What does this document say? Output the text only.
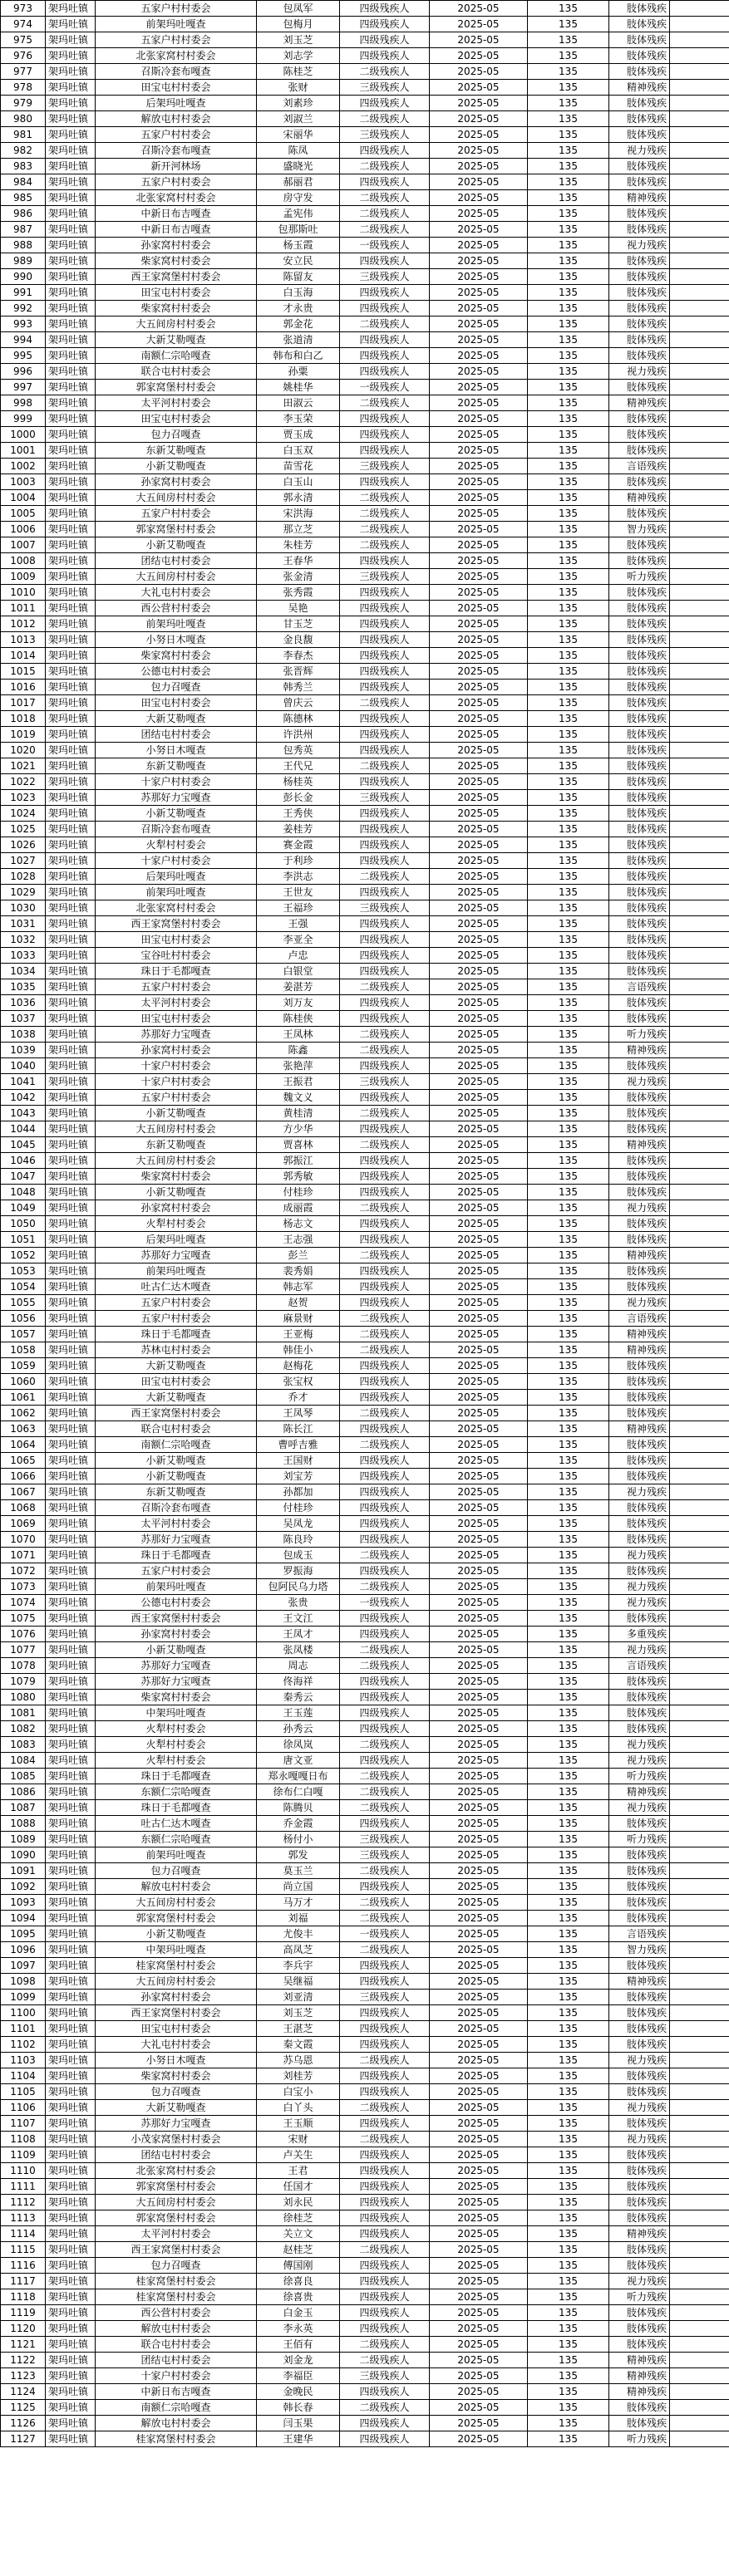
973	架玛吐镇	五家户村村委会	包凤军	四级残疾人	2025-05	135	肢体残疾	
974	架玛吐镇	前架玛吐嘎查	包梅月	四级残疾人	2025-05	135	肢体残疾	
975	架玛吐镇	五家户村村委会	刘玉芝	四级残疾人	2025-05	135	肢体残疾	
976	架玛吐镇	北张家窝村村委会	刘志学	四级残疾人	2025-05	135	肢体残疾	
977	架玛吐镇	召斯冷套布嘎查	陈桂芝	二级残疾人	2025-05	135	肢体残疾	
978	架玛吐镇	田宝屯村村委会	张财	三级残疾人	2025-05	135	精神残疾	
979	架玛吐镇	后架玛吐嘎查	刘素珍	四级残疾人	2025-05	135	肢体残疾	
980	架玛吐镇	解放屯村村委会	刘淑兰	二级残疾人	2025-05	135	肢体残疾	
981	架玛吐镇	五家户村村委会	宋丽华	三级残疾人	2025-05	135	肢体残疾	
982	架玛吐镇	召斯冷套布嘎查	陈凤	四级残疾人	2025-05	135	视力残疾	
983	架玛吐镇	新开河林场	盛晓光	二级残疾人	2025-05	135	肢体残疾	
984	架玛吐镇	五家户村村委会	郝丽君	四级残疾人	2025-05	135	肢体残疾	
985	架玛吐镇	北张家窝村村委会	房守发	二级残疾人	2025-05	135	精神残疾	
986	架玛吐镇	中新日布吉嘎查	孟宪伟	二级残疾人	2025-05	135	肢体残疾	
987	架玛吐镇	中新日布吉嘎查	包那斯吐	二级残疾人	2025-05	135	肢体残疾	
988	架玛吐镇	孙家窝村村委会	杨玉霞	一级残疾人	2025-05	135	视力残疾	
989	架玛吐镇	柴家窝村村委会	安立民	四级残疾人	2025-05	135	肢体残疾	
990	架玛吐镇	西王家窝堡村村委会	陈留友	三级残疾人	2025-05	135	肢体残疾	
991	架玛吐镇	田宝屯村村委会	白玉海	四级残疾人	2025-05	135	肢体残疾	
992	架玛吐镇	柴家窝村村委会	才永贵	四级残疾人	2025-05	135	肢体残疾	
993	架玛吐镇	大五间房村村委会	郭金花	二级残疾人	2025-05	135	肢体残疾	
994	架玛吐镇	大新艾勒嘎查	张道清	四级残疾人	2025-05	135	肢体残疾	
995	架玛吐镇	南额仁宗哈嘎查	韩布和白乙	四级残疾人	2025-05	135	肢体残疾	
996	架玛吐镇	联合屯村村委会	孙粟	四级残疾人	2025-05	135	视力残疾	
997	架玛吐镇	郭家窝堡村村委会	姚桂华	一级残疾人	2025-05	135	肢体残疾	
998	架玛吐镇	太平河村村委会	田淑云	二级残疾人	2025-05	135	精神残疾	
999	架玛吐镇	田宝屯村村委会	李玉荣	四级残疾人	2025-05	135	肢体残疾	
1000	架玛吐镇	包力召嘎查	贾玉成	四级残疾人	2025-05	135	肢体残疾	
1001	架玛吐镇	东新艾勒嘎查	白玉双	四级残疾人	2025-05	135	肢体残疾	
1002	架玛吐镇	小新艾勒嘎查	苗雪花	三级残疾人	2025-05	135	言语残疾	
1003	架玛吐镇	孙家窝村村委会	白玉山	四级残疾人	2025-05	135	肢体残疾	
1004	架玛吐镇	大五间房村村委会	郭永清	二级残疾人	2025-05	135	精神残疾	
1005	架玛吐镇	五家户村村委会	宋洪海	二级残疾人	2025-05	135	肢体残疾	
1006	架玛吐镇	郭家窝堡村村委会	那立芝	二级残疾人	2025-05	135	智力残疾	
1007	架玛吐镇	小新艾勒嘎查	朱桂芳	二级残疾人	2025-05	135	肢体残疾	
1008	架玛吐镇	团结屯村村委会	王春华	四级残疾人	2025-05	135	肢体残疾	
1009	架玛吐镇	大五间房村村委会	张金清	三级残疾人	2025-05	135	听力残疾	
1010	架玛吐镇	大礼屯村村委会	张秀霞	四级残疾人	2025-05	135	肢体残疾	
1011	架玛吐镇	西公营村村委会	吴艳	四级残疾人	2025-05	135	肢体残疾	
1012	架玛吐镇	前架玛吐嘎查	甘玉芝	四级残疾人	2025-05	135	肢体残疾	
1013	架玛吐镇	小努日木嘎查	金良馥	四级残疾人	2025-05	135	肢体残疾	
1014	架玛吐镇	柴家窝村村委会	李春杰	四级残疾人	2025-05	135	肢体残疾	
1015	架玛吐镇	公德屯村村委会	张晋辉	四级残疾人	2025-05	135	肢体残疾	
1016	架玛吐镇	包力召嘎查	韩秀兰	四级残疾人	2025-05	135	肢体残疾	
1017	架玛吐镇	田宝屯村村委会	曾庆云	二级残疾人	2025-05	135	肢体残疾	
1018	架玛吐镇	大新艾勒嘎查	陈德林	四级残疾人	2025-05	135	肢体残疾	
1019	架玛吐镇	团结屯村村委会	许洪州	四级残疾人	2025-05	135	肢体残疾	
1020	架玛吐镇	小努日木嘎查	包秀英	四级残疾人	2025-05	135	肢体残疾	
1021	架玛吐镇	东新艾勒嘎查	王代兄	二级残疾人	2025-05	135	肢体残疾	
1022	架玛吐镇	十家户村村委会	杨桂英	四级残疾人	2025-05	135	肢体残疾	
1023	架玛吐镇	苏那好力宝嘎查	彭长金	三级残疾人	2025-05	135	肢体残疾	
1024	架玛吐镇	小新艾勒嘎查	王秀侠	四级残疾人	2025-05	135	肢体残疾	
1025	架玛吐镇	召斯冷套布嘎查	姜桂芳	四级残疾人	2025-05	135	肢体残疾	
1026	架玛吐镇	火犁村村委会	赛金霞	四级残疾人	2025-05	135	肢体残疾	
1027	架玛吐镇	十家户村村委会	于利珍	四级残疾人	2025-05	135	肢体残疾	
1028	架玛吐镇	后架玛吐嘎查	李洪志	二级残疾人	2025-05	135	肢体残疾	
1029	架玛吐镇	前架玛吐嘎查	王世友	四级残疾人	2025-05	135	肢体残疾	
1030	架玛吐镇	北张家窝村村委会	王福珍	三级残疾人	2025-05	135	肢体残疾	
1031	架玛吐镇	西王家窝堡村村委会	王强	四级残疾人	2025-05	135	肢体残疾	
1032	架玛吐镇	田宝屯村村委会	李亚全	四级残疾人	2025-05	135	肢体残疾	
1033	架玛吐镇	宝谷吐村村委会	卢忠	四级残疾人	2025-05	135	肢体残疾	
1034	架玛吐镇	珠日于毛都嘎查	白银堂	四级残疾人	2025-05	135	肢体残疾	
1035	架玛吐镇	五家户村村委会	姜湛芳	二级残疾人	2025-05	135	言语残疾	
1036	架玛吐镇	太平河村村委会	刘万友	四级残疾人	2025-05	135	肢体残疾	
1037	架玛吐镇	田宝屯村村委会	陈桂侠	四级残疾人	2025-05	135	肢体残疾	
1038	架玛吐镇	苏那好力宝嘎查	王凤林	二级残疾人	2025-05	135	听力残疾	
1039	架玛吐镇	孙家窝村村委会	陈鑫	二级残疾人	2025-05	135	精神残疾	
1040	架玛吐镇	十家户村村委会	张艳萍	四级残疾人	2025-05	135	肢体残疾	
1041	架玛吐镇	十家户村村委会	王振君	三级残疾人	2025-05	135	视力残疾	
1042	架玛吐镇	五家户村村委会	魏文义	四级残疾人	2025-05	135	肢体残疾	
1043	架玛吐镇	小新艾勒嘎查	黄桂清	二级残疾人	2025-05	135	肢体残疾	
1044	架玛吐镇	大五间房村村委会	方少华	四级残疾人	2025-05	135	肢体残疾	
1045	架玛吐镇	东新艾勒嘎查	贾喜林	二级残疾人	2025-05	135	精神残疾	
1046	架玛吐镇	大五间房村村委会	郭振江	四级残疾人	2025-05	135	肢体残疾	
1047	架玛吐镇	柴家窝村村委会	郭秀敏	四级残疾人	2025-05	135	肢体残疾	
1048	架玛吐镇	小新艾勒嘎查	付桂珍	四级残疾人	2025-05	135	肢体残疾	
1049	架玛吐镇	孙家窝村村委会	成丽霞	二级残疾人	2025-05	135	视力残疾	
1050	架玛吐镇	火犁村村委会	杨志文	四级残疾人	2025-05	135	肢体残疾	
1051	架玛吐镇	后架玛吐嘎查	王志强	四级残疾人	2025-05	135	肢体残疾	
1052	架玛吐镇	苏那好力宝嘎查	彭兰	二级残疾人	2025-05	135	精神残疾	
1053	架玛吐镇	前架玛吐嘎查	裴秀娟	四级残疾人	2025-05	135	肢体残疾	
1054	架玛吐镇	吐古仁达木嘎查	韩志军	四级残疾人	2025-05	135	肢体残疾	
1055	架玛吐镇	五家户村村委会	赵贺	四级残疾人	2025-05	135	视力残疾	
1056	架玛吐镇	五家户村村委会	麻景财	二级残疾人	2025-05	135	言语残疾	
1057	架玛吐镇	珠日于毛都嘎查	王亚梅	二级残疾人	2025-05	135	精神残疾	
1058	架玛吐镇	苏林屯村村委会	韩佳小	二级残疾人	2025-05	135	精神残疾	
1059	架玛吐镇	大新艾勒嘎查	赵梅花	四级残疾人	2025-05	135	肢体残疾	
1060	架玛吐镇	田宝屯村村委会	张宝权	四级残疾人	2025-05	135	肢体残疾	
1061	架玛吐镇	大新艾勒嘎查	乔才	四级残疾人	2025-05	135	肢体残疾	
1062	架玛吐镇	西王家窝堡村村委会	王凤琴	二级残疾人	2025-05	135	肢体残疾	
1063	架玛吐镇	联合屯村村委会	陈长江	四级残疾人	2025-05	135	精神残疾	
1064	架玛吐镇	南额仁宗哈嘎查	曹呼吉雅	二级残疾人	2025-05	135	肢体残疾	
1065	架玛吐镇	小新艾勒嘎查	王国财	四级残疾人	2025-05	135	肢体残疾	
1066	架玛吐镇	小新艾勒嘎查	刘宝芳	四级残疾人	2025-05	135	肢体残疾	
1067	架玛吐镇	东新艾勒嘎查	孙都加	四级残疾人	2025-05	135	视力残疾	
1068	架玛吐镇	召斯冷套布嘎查	付桂珍	四级残疾人	2025-05	135	肢体残疾	
1069	架玛吐镇	太平河村村委会	吴凤龙	四级残疾人	2025-05	135	肢体残疾	
1070	架玛吐镇	苏那好力宝嘎查	陈良玲	四级残疾人	2025-05	135	肢体残疾	
1071	架玛吐镇	珠日于毛都嘎查	包成玉	二级残疾人	2025-05	135	视力残疾	
1072	架玛吐镇	五家户村村委会	罗振海	四级残疾人	2025-05	135	肢体残疾	
1073	架玛吐镇	前架玛吐嘎查	包阿民乌力塔	二级残疾人	2025-05	135	视力残疾	
1074	架玛吐镇	公德屯村村委会	张贵	一级残疾人	2025-05	135	视力残疾	
1075	架玛吐镇	西王家窝堡村村委会	王文江	四级残疾人	2025-05	135	肢体残疾	
1076	架玛吐镇	孙家窝村村委会	王凤才	四级残疾人	2025-05	135	多重残疾	
1077	架玛吐镇	小新艾勒嘎查	张凤楼	二级残疾人	2025-05	135	视力残疾	
1078	架玛吐镇	苏那好力宝嘎查	周志	二级残疾人	2025-05	135	言语残疾	
1079	架玛吐镇	苏那好力宝嘎查	佟海祥	四级残疾人	2025-05	135	肢体残疾	
1080	架玛吐镇	柴家窝村村委会	秦秀云	四级残疾人	2025-05	135	肢体残疾	
1081	架玛吐镇	中架玛吐嘎查	王玉莲	四级残疾人	2025-05	135	肢体残疾	
1082	架玛吐镇	火犁村村委会	孙秀云	四级残疾人	2025-05	135	肢体残疾	
1083	架玛吐镇	火犁村村委会	徐凤岚	二级残疾人	2025-05	135	视力残疾	
1084	架玛吐镇	火犁村村委会	唐文亚	四级残疾人	2025-05	135	视力残疾	
1085	架玛吐镇	珠日于毛都嘎查	郑永嘎嘎日布	二级残疾人	2025-05	135	听力残疾	
1086	架玛吐镇	东额仁宗哈嘎查	徐布仁白嘎	二级残疾人	2025-05	135	精神残疾	
1087	架玛吐镇	珠日于毛都嘎查	陈腾贝	二级残疾人	2025-05	135	视力残疾	
1088	架玛吐镇	吐古仁达木嘎查	乔金霞	四级残疾人	2025-05	135	肢体残疾	
1089	架玛吐镇	东额仁宗哈嘎查	杨付小	三级残疾人	2025-05	135	听力残疾	
1090	架玛吐镇	前架玛吐嘎查	郭发	三级残疾人	2025-05	135	肢体残疾	
1091	架玛吐镇	包力召嘎查	莫玉兰	二级残疾人	2025-05	135	肢体残疾	
1092	架玛吐镇	解放屯村村委会	尚立国	四级残疾人	2025-05	135	肢体残疾	
1093	架玛吐镇	大五间房村村委会	马万才	二级残疾人	2025-05	135	肢体残疾	
1094	架玛吐镇	郭家窝堡村村委会	刘福	二级残疾人	2025-05	135	肢体残疾	
1095	架玛吐镇	小新艾勒嘎查	尤俊丰	一级残疾人	2025-05	135	言语残疾	
1096	架玛吐镇	中架玛吐嘎查	高凤芝	二级残疾人	2025-05	135	智力残疾	
1097	架玛吐镇	桂家窝堡村村委会	李兵宇	四级残疾人	2025-05	135	肢体残疾	
1098	架玛吐镇	大五间房村村委会	吴继福	四级残疾人	2025-05	135	精神残疾	
1099	架玛吐镇	孙家窝村村委会	刘亚清	三级残疾人	2025-05	135	肢体残疾	
1100	架玛吐镇	西王家窝堡村村委会	刘玉芝	四级残疾人	2025-05	135	肢体残疾	
1101	架玛吐镇	田宝屯村村委会	王湛芝	四级残疾人	2025-05	135	肢体残疾	
1102	架玛吐镇	大礼屯村村委会	秦文霞	四级残疾人	2025-05	135	肢体残疾	
1103	架玛吐镇	小努日木嘎查	苏乌恩	二级残疾人	2025-05	135	视力残疾	
1104	架玛吐镇	柴家窝村村委会	刘桂芳	四级残疾人	2025-05	135	肢体残疾	
1105	架玛吐镇	包力召嘎查	白宝小	四级残疾人	2025-05	135	肢体残疾	
1106	架玛吐镇	大新艾勒嘎查	白丫头	二级残疾人	2025-05	135	视力残疾	
1107	架玛吐镇	苏那好力宝嘎查	王玉顺	四级残疾人	2025-05	135	肢体残疾	
1108	架玛吐镇	小茂家窝堡村村委会	宋财	二级残疾人	2025-05	135	视力残疾	
1109	架玛吐镇	团结屯村村委会	卢关生	四级残疾人	2025-05	135	肢体残疾	
1110	架玛吐镇	北张家窝村村委会	王君	四级残疾人	2025-05	135	肢体残疾	
1111	架玛吐镇	郭家窝堡村村委会	任国才	四级残疾人	2025-05	135	肢体残疾	
1112	架玛吐镇	大五间房村村委会	刘永民	四级残疾人	2025-05	135	肢体残疾	
1113	架玛吐镇	郭家窝堡村村委会	徐桂芝	四级残疾人	2025-05	135	肢体残疾	
1114	架玛吐镇	太平河村村委会	关立文	四级残疾人	2025-05	135	精神残疾	
1115	架玛吐镇	西王家窝堡村村委会	赵桂芝	二级残疾人	2025-05	135	肢体残疾	
1116	架玛吐镇	包力召嘎查	傅国刚	四级残疾人	2025-05	135	肢体残疾	
1117	架玛吐镇	桂家窝堡村村委会	徐喜良	四级残疾人	2025-05	135	视力残疾	
1118	架玛吐镇	桂家窝堡村村委会	徐喜贵	四级残疾人	2025-05	135	听力残疾	
1119	架玛吐镇	西公营村村委会	白金玉	四级残疾人	2025-05	135	肢体残疾	
1120	架玛吐镇	解放屯村村委会	李永英	四级残疾人	2025-05	135	肢体残疾	
1121	架玛吐镇	联合屯村村委会	王佰有	二级残疾人	2025-05	135	肢体残疾	
1122	架玛吐镇	团结屯村村委会	刘金龙	二级残疾人	2025-05	135	精神残疾	
1123	架玛吐镇	十家户村村委会	李福臣	三级残疾人	2025-05	135	精神残疾	
1124	架玛吐镇	中新日布吉嘎查	金晚民	四级残疾人	2025-05	135	精神残疾	
1125	架玛吐镇	南额仁宗哈嘎查	韩长春	二级残疾人	2025-05	135	肢体残疾	
1126	架玛吐镇	解放屯村村委会	闫玉果	四级残疾人	2025-05	135	肢体残疾	
1127	架玛吐镇	桂家窝堡村村委会	王建华	四级残疾人	2025-05	135	听力残疾	
